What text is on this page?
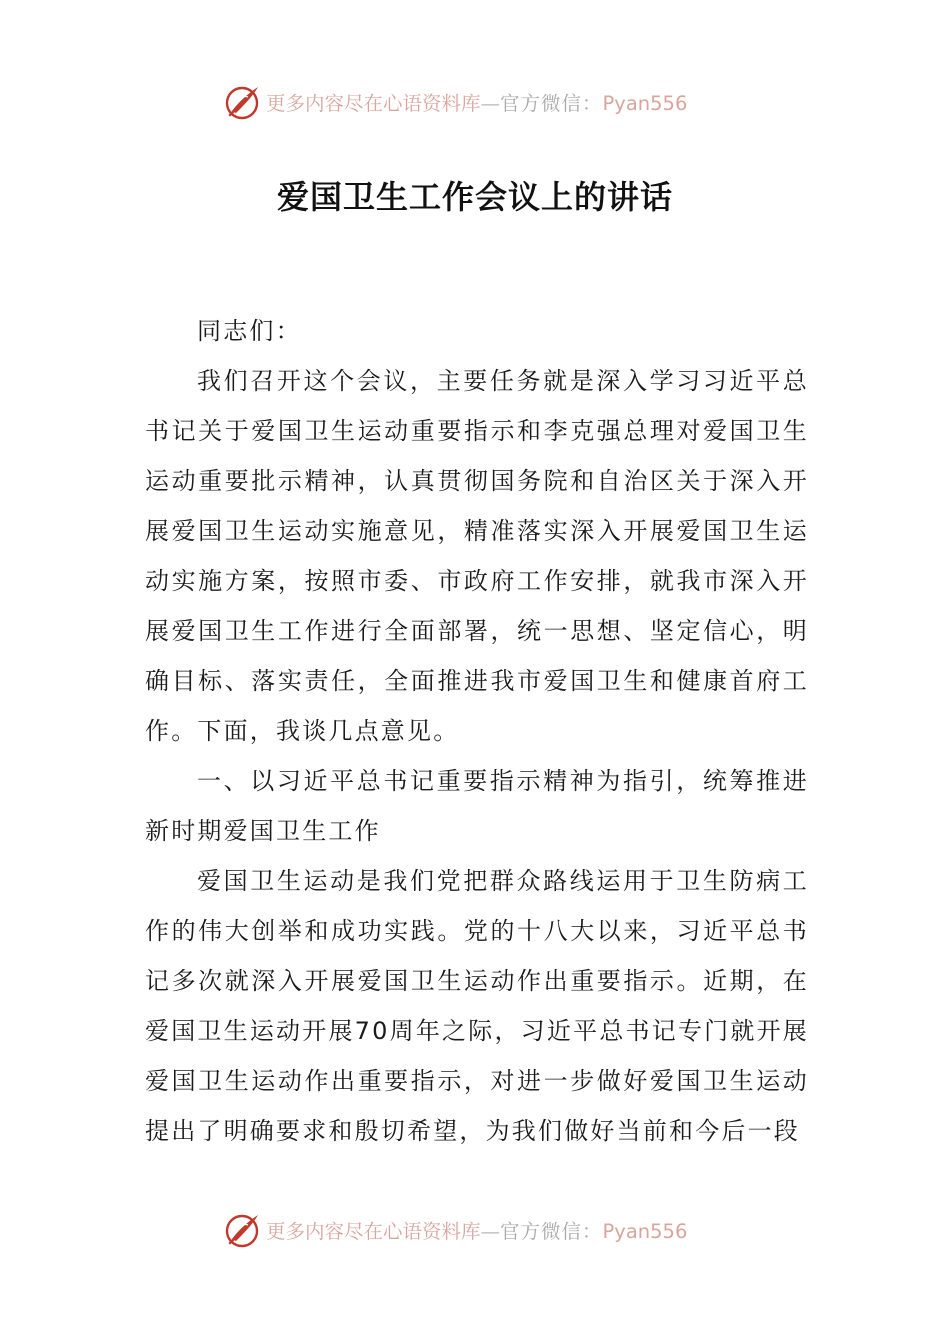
更多内容尽在心语资料库—官方微信：Pyan556
爱国卫生工作会议上的讲话

同志们：

我们召开这个会议，主要任务就是深入学习习近平总书记关于爱国卫生运动重要指示和李克强总理对爱国卫生运动重要批示精神，认真贯彻国务院和自治区关于深入开展爱国卫生运动实施意见，精准落实深入开展爱国卫生运动实施方案，按照市委、市政府工作安排，就我市深入开展爱国卫生工作进行全面部署，统一思想、坚定信心，明确目标、落实责任，全面推进我市爱国卫生和健康首府工作。下面，我谈几点意见。

一、以习近平总书记重要指示精神为指引，统筹推进新时期爱国卫生工作

爱国卫生运动是我们党把群众路线运用于卫生防病工作的伟大创举和成功实践。党的十八大以来，习近平总书记多次就深入开展爱国卫生运动作出重要指示。近期，在爱国卫生运动开展70周年之际，习近平总书记专门就开展爱国卫生运动作出重要指示，对进一步做好爱国卫生运动提出了明确要求和殷切希望，为我们做好当前和今后一段

更多内容尽在心语资料库—官方微信：Pyan556
